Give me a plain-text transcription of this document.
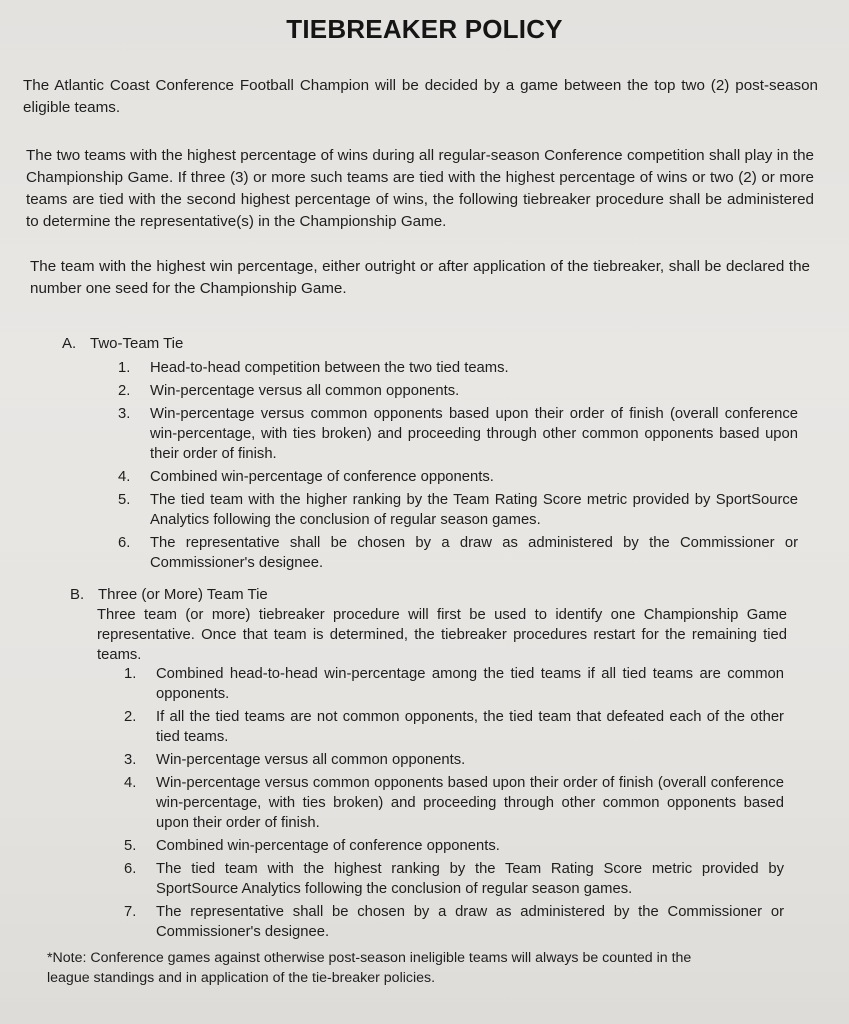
TIEBREAKER POLICY

The Atlantic Coast Conference Football Champion will be decided by a game between the top two (2) post-season eligible teams.

The two teams with the highest percentage of wins during all regular-season Conference competition shall play in the Championship Game. If three (3) or more such teams are tied with the highest percentage of wins or two (2) or more teams are tied with the second highest percentage of wins, the following tiebreaker procedure shall be administered to determine the representative(s) in the Championship Game.

The team with the highest win percentage, either outright or after application of the tiebreaker, shall be declared the number one seed for the Championship Game.

A. Two-Team Tie
1. Head-to-head competition between the two tied teams.
2. Win-percentage versus all common opponents.
3. Win-percentage versus common opponents based upon their order of finish (overall conference win-percentage, with ties broken) and proceeding through other common opponents based upon their order of finish.
4. Combined win-percentage of conference opponents.
5. The tied team with the higher ranking by the Team Rating Score metric provided by SportSource Analytics following the conclusion of regular season games.
6. The representative shall be chosen by a draw as administered by the Commissioner or Commissioner's designee.
B. Three (or More) Team Tie

Three team (or more) tiebreaker procedure will first be used to identify one Championship Game representative. Once that team is determined, the tiebreaker procedures restart for the remaining tied teams.

1. Combined head-to-head win-percentage among the tied teams if all tied teams are common opponents.
2. If all the tied teams are not common opponents, the tied team that defeated each of the other tied teams.
3. Win-percentage versus all common opponents.
4. Win-percentage versus common opponents based upon their order of finish (overall conference win-percentage, with ties broken) and proceeding through other common opponents based upon their order of finish.
5. Combined win-percentage of conference opponents.
6. The tied team with the highest ranking by the Team Rating Score metric provided by SportSource Analytics following the conclusion of regular season games.
7. The representative shall be chosen by a draw as administered by the Commissioner or Commissioner's designee.

*Note: Conference games against otherwise post-season ineligible teams will always be counted in the league standings and in application of the tie-breaker policies.
